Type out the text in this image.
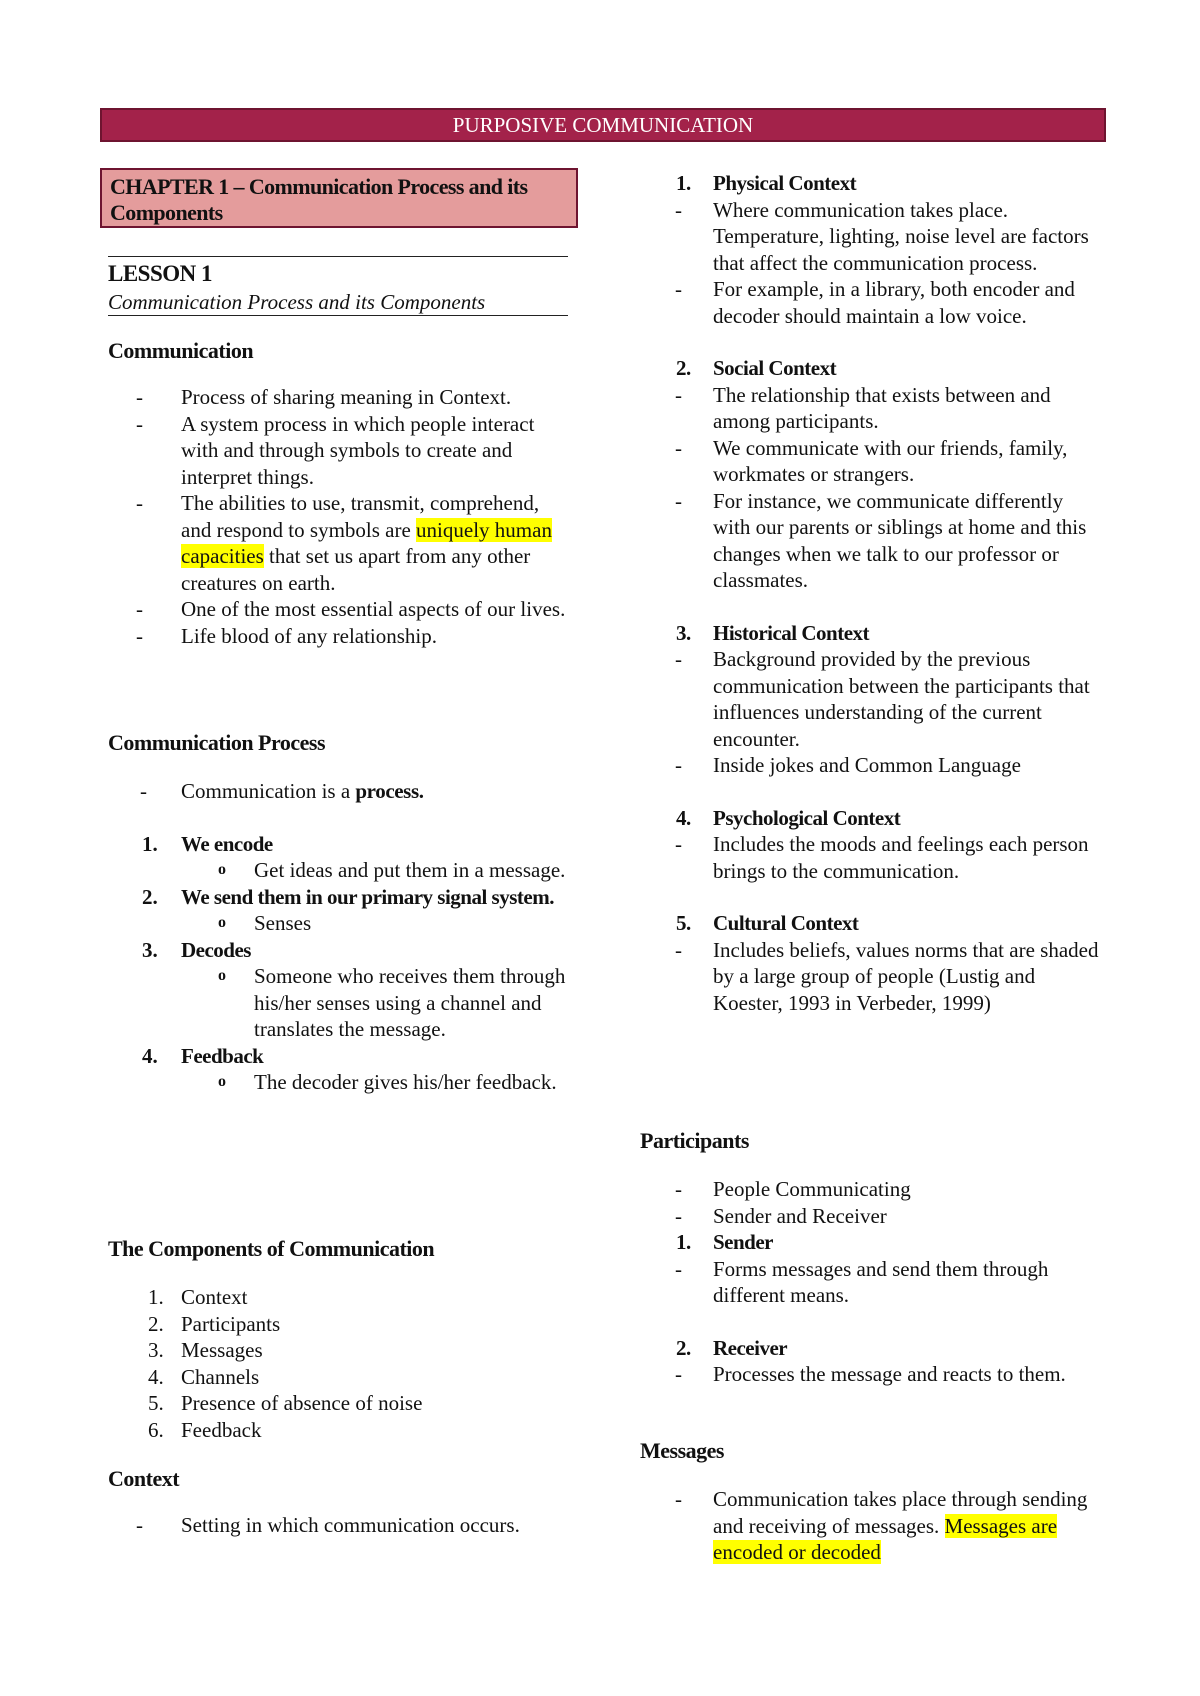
PURPOSIVE COMMUNICATION
CHAPTER 1 – Communication Process and its Components
LESSON 1
Communication Process and its Components
Communication
- Process of sharing meaning in Context.
- A system process in which people interact with and through symbols to create and interpret things.
- The abilities to use, transmit, comprehend, and respond to symbols are uniquely human capacities that set us apart from any other creatures on earth.
- One of the most essential aspects of our lives.
- Life blood of any relationship.
Communication Process
- Communication is a process.
1. We encode
o Get ideas and put them in a message.
2. We send them in our primary signal system.
o Senses
3. Decodes
o Someone who receives them through his/her senses using a channel and translates the message.
4. Feedback
o The decoder gives his/her feedback.
The Components of Communication
1. Context
2. Participants
3. Messages
4. Channels
5. Presence of absence of noise
6. Feedback
Context
- Setting in which communication occurs.
1. Physical Context
- Where communication takes place. Temperature, lighting, noise level are factors that affect the communication process.
- For example, in a library, both encoder and decoder should maintain a low voice.
2. Social Context
- The relationship that exists between and among participants.
- We communicate with our friends, family, workmates or strangers.
- For instance, we communicate differently with our parents or siblings at home and this changes when we talk to our professor or classmates.
3. Historical Context
- Background provided by the previous communication between the participants that influences understanding of the current encounter.
- Inside jokes and Common Language
4. Psychological Context
- Includes the moods and feelings each person brings to the communication.
5. Cultural Context
- Includes beliefs, values norms that are shaded by a large group of people (Lustig and Koester, 1993 in Verbeder, 1999)
Participants
- People Communicating
- Sender and Receiver
1. Sender
- Forms messages and send them through different means.
2. Receiver
- Processes the message and reacts to them.
Messages
- Communication takes place through sending and receiving of messages. Messages are encoded or decoded
